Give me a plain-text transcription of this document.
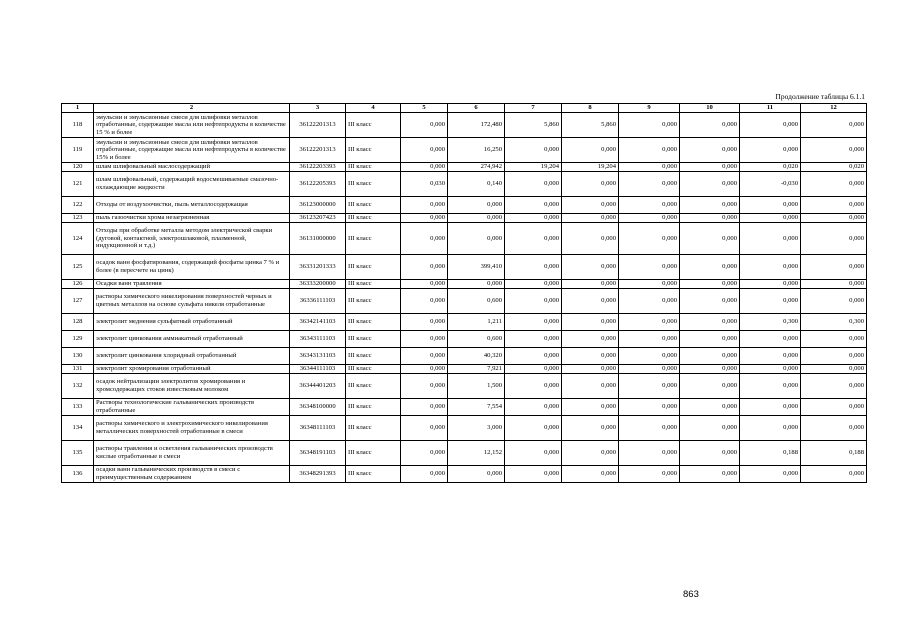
Продолжение таблицы 6.1.1
1	2	3	4	5	6	7	8	9	10	11	12
118	эмульсии и эмульсионные смеси для шлифовки металлов отработанные, содержащие масла или нефтепродукты в количестве 15 % и более	36122201313	III класс	0,000	172,480	5,860	5,860	0,000	0,000	0,000	0,000
119	эмульсии и эмульсионные смеси для шлифовки металлов отработанные, содержащие масла или нефтепродукты в количестве 15% и более	36122201313	III класс	0,000	16,250	0,000	0,000	0,000	0,000	0,000	0,000
120	шлам шлифовальный маслосодержащий	36122203393	III класс	0,000	274,942	19,204	19,204	0,000	0,000	0,020	0,020
121	шлам шлифовальный, содержащий водосмешиваемые смазочно- охлаждающие жидкости	36122205393	III класс	0,030	0,140	0,000	0,000	0,000	0,000	-0,030	0,000
122	Отходы от воздухоочистки, пыль металлосодержащая	36123000000	III класс	0,000	0,000	0,000	0,000	0,000	0,000	0,000	0,000
123	пыль газоочистки хрома незагрязненная	36123207423	III класс	0,000	0,000	0,000	0,000	0,000	0,000	0,000	0,000
124	Отходы при обработке металла методом электрической сварки (дуговой, контактной, электрошлаковой, плазменной, индукционной и т.д.)	36131000000	III класс	0,000	0,000	0,000	0,000	0,000	0,000	0,000	0,000
125	осадок ванн фосфатирования, содержащий фосфаты цинка 7 % и более (в пересчете на цинк)	36331201333	III класс	0,000	399,410	0,000	0,000	0,000	0,000	0,000	0,000
126	Осадки ванн травления	36333200000	III класс	0,000	0,000	0,000	0,000	0,000	0,000	0,000	0,000
127	растворы химического никелирования поверхностей черных и цветных металлов на основе сульфата никеля отработанные	36336111103	III класс	0,000	0,600	0,000	0,000	0,000	0,000	0,000	0,000
128	электролит меднения сульфатный отработанный	36342141103	III класс	0,000	1,211	0,000	0,000	0,000	0,000	0,300	0,300
129	электролит цинкования аммиакатный отработанный	36343111103	III класс	0,000	0,600	0,000	0,000	0,000	0,000	0,000	0,000
130	электролит цинкования хлоридный отработанный	36343131103	III класс	0,000	40,320	0,000	0,000	0,000	0,000	0,000	0,000
131	электролит хромирования отработанный	36344111103	III класс	0,000	7,921	0,000	0,000	0,000	0,000	0,000	0,000
132	осадок нейтрализации электролитов хромирования и хромсодержащих стоков известковым молоком	36344401203	III класс	0,000	1,500	0,000	0,000	0,000	0,000	0,000	0,000
133	Растворы технологические гальванических производств отработанные	36348100000	III класс	0,000	7,554	0,000	0,000	0,000	0,000	0,000	0,000
134	растворы химического и электрохимического никелирования металлических поверхностей отработанные в смеси	36348111103	III класс	0,000	3,000	0,000	0,000	0,000	0,000	0,000	0,000
135	растворы травления и осветления гальванических производств кислые отработанные в смеси	36348191103	III класс	0,000	12,152	0,000	0,000	0,000	0,000	0,188	0,188
136	осадки ванн гальванических производств в смеси с преимущественным содержанием	36348291393	III класс	0,000	0,000	0,000	0,000	0,000	0,000	0,000	0,000
863
